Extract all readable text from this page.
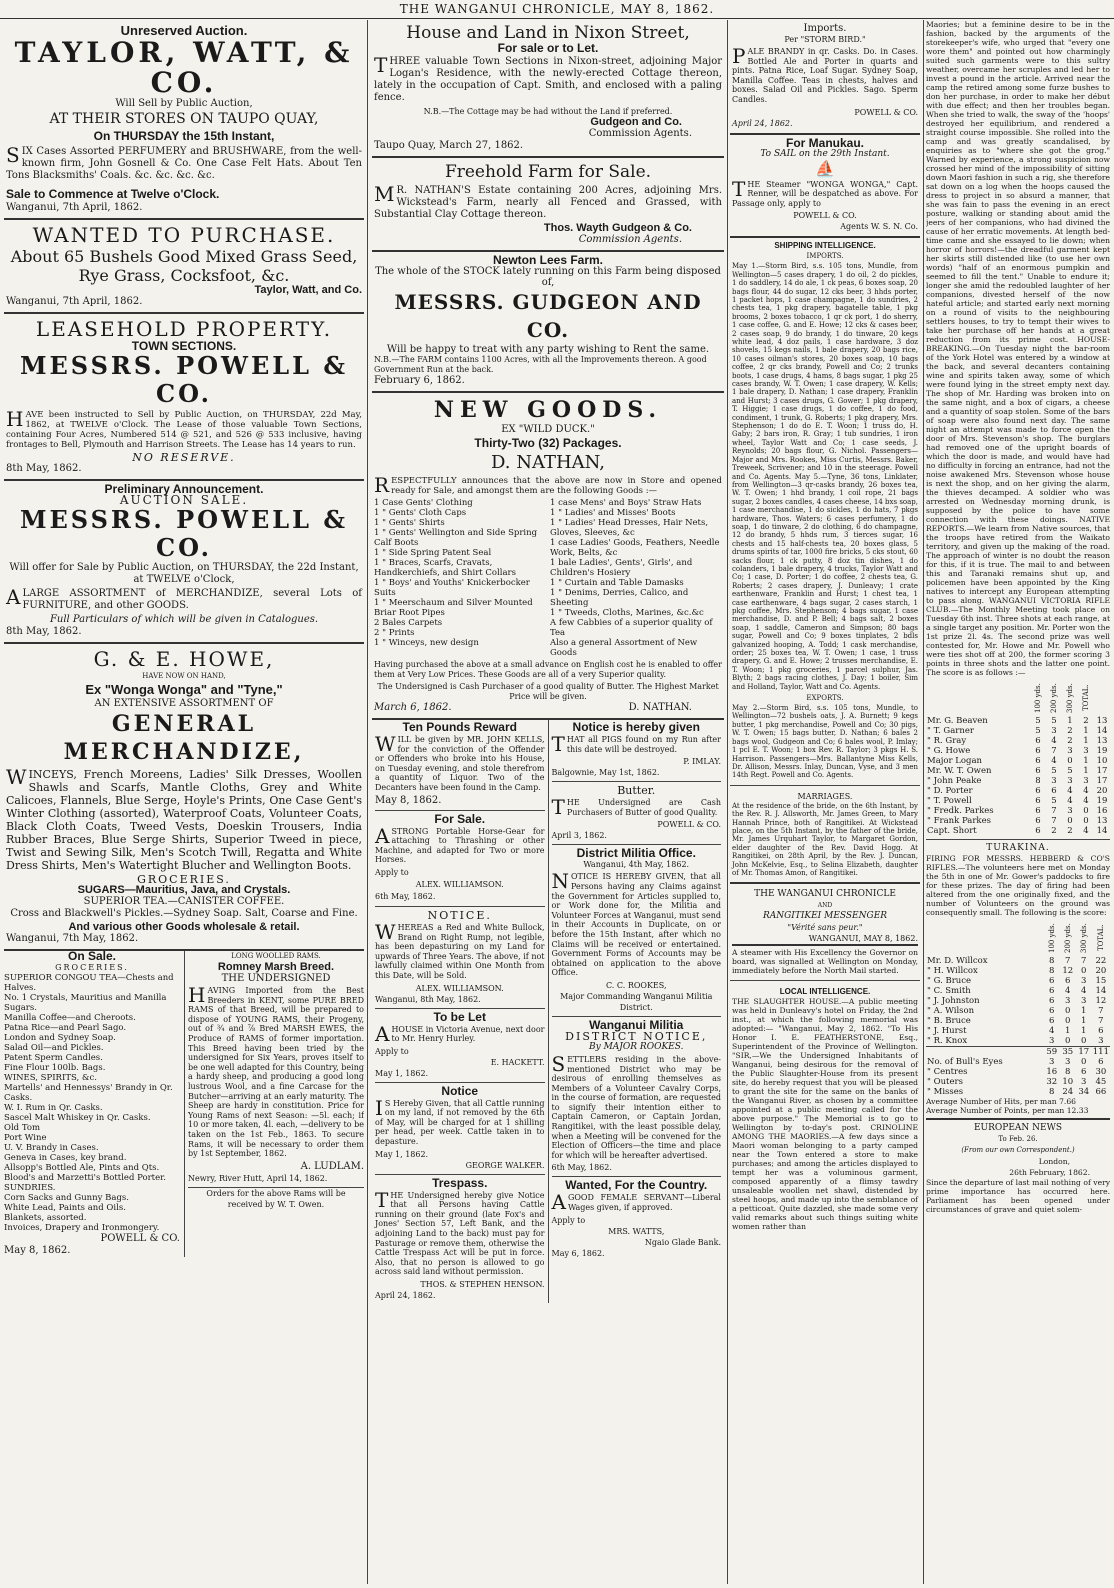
THE WANGANUI CHRONICLE, MAY 8, 1862.
Unreserved Auction.
TAYLOR, WATT, & CO.
Will Sell by Public Auction,
AT THEIR STORES ON TAUPO QUAY,
On THURSDAY the 15th Instant,

SIX Cases Assorted PERFUMERY and BRUSHWARE, from the well-known firm, John Gosnell & Co. One Case Felt Hats. About Ten Tons Blacksmiths' Coals. &c. &c. &c. &c.

Sale to Commence at Twelve o'Clock.
Wanganui, 7th April, 1862.
WANTED TO PURCHASE.
About 65 Bushels Good Mixed Grass Seed, Rye Grass, Cocksfoot, &c.
Taylor, Watt, and Co.
Wanganui, 7th April, 1862.
LEASEHOLD PROPERTY.
TOWN SECTIONS.
MESSRS. POWELL & CO.

HAVE been instructed to Sell by Public Auction, on THURSDAY, 22d May, 1862, at TWELVE o'Clock. The Lease of those valuable Town Sections, containing Four Acres, Numbered 514 @ 521, and 526 @ 533 inclusive, having frontages to Bell, Plymouth and Harrison Streets. The Lease has 14 years to run.

NO RESERVE.
8th May, 1862.
Preliminary Announcement.
AUCTION SALE.
MESSRS. POWELL & CO.
Will offer for Sale by Public Auction, on THURSDAY, the 22d Instant, at TWELVE o'Clock,

ALARGE ASSORTMENT of MERCHANDIZE, several Lots of FURNITURE, and other GOODS.

Full Particulars of which will be given in Catalogues.
8th May, 1862.
G. & E. HOWE,
HAVE NOW ON HAND,
Ex "Wonga Wonga" and "Tyne,"
AN EXTENSIVE ASSORTMENT OF
GENERAL MERCHANDIZE,

WINCEYS, French Moreens, Ladies' Silk Dresses, Woollen Shawls and Scarfs, Mantle Cloths, Grey and White Calicoes, Flannels, Blue Serge, Hoyle's Prints, One Case Gent's Winter Clothing (assorted), Waterproof Coats, Volunteer Coats, Black Cloth Coats, Tweed Vests, Doeskin Trousers, India Rubber Braces, Blue Serge Shirts, Superior Tweed in piece, Twist and Sewing Silk, Men's Scotch Twill, Regatta and White Dress Shirts, Men's Watertight Blucher and Wellington Boots.

GROCERIES.
SUGARS—Mauritius, Java, and Crystals.
SUPERIOR TEA.—CANISTER COFFEE.
Cross and Blackwell's Pickles.—Sydney Soap. Salt, Coarse and Fine.
And various other Goods wholesale & retail.
Wanganui, 7th May, 1862.
On Sale.
GROCERIES.
SUPERIOR CONGOU TEA—Chests and Halves.
No. 1 Crystals, Mauritius and Manilla Sugars.
Manilla Coffee—and Cheroots.
Patna Rice—and Pearl Sago.
London and Sydney Soap.
Salad Oil—and Pickles.
Patent Sperm Candles.
Fine Flour 100lb. Bags.
WINES, SPIRITS, &c.
Martells' and Hennessys' Brandy in Qr. Casks.
W. I. Rum in Qr. Casks.
Sascel Malt Whiskey in Qr. Casks.
Old Tom
Port Wine
U. V. Brandy in Cases.
Geneva in Cases, key brand.
Allsopp's Bottled Ale, Pints and Qts.
Blood's and Marzetti's Bottled Porter.
SUNDRIES.
Corn Sacks and Gunny Bags.
White Lead, Paints and Oils.
Blankets, assorted.
Invoices, Drapery and Ironmongery.
POWELL & CO.
May 8, 1862.
LONG WOOLLED RAMS.
Romney Marsh Breed.
THE UNDERSIGNED

HAVING Imported from the Best Breeders in KENT, some PURE BRED RAMS of that Breed, will be prepared to dispose of YOUNG RAMS, their Progeny, out of ¾ and ⅞ Bred MARSH EWES, the Produce of RAMS of former importation. This Breed having been tried by the undersigned for Six Years, proves itself to be one well adapted for this Country, being a hardy sheep, and producing a good long lustrous Wool, and a fine Carcase for the Butcher—arriving at an early maturity. The Sheep are hardy in constitution. Price for Young Rams of next Season: —5l. each; if 10 or more taken, 4l. each, —delivery to be taken on the 1st Feb., 1863. To secure Rams, it will be necessary to order them by 1st September, 1862.

A. LUDLAM.
Newry, River Hutt, April 14, 1862.
Orders for the above Rams will be received by W. T. Owen.
House and Land in Nixon Street,
For sale or to Let.

THREE valuable Town Sections in Nixon-street, adjoining Major Logan's Residence, with the newly-erected Cottage thereon, lately in the occupation of Capt. Smith, and enclosed with a paling fence.

N.B.—The Cottage may be had without the Land if preferred.
Gudgeon and Co.
Commission Agents.
Taupo Quay, March 27, 1862.
Freehold Farm for Sale.

MR. NATHAN'S Estate containing 200 Acres, adjoining Mrs. Wickstead's Farm, nearly all Fenced and Grassed, with Substantial Clay Cottage thereon.

Thos. Wayth Gudgeon & Co.
Commission Agents.
Newton Lees Farm.
The whole of the STOCK lately running on this Farm being disposed of,
MESSRS. GUDGEON AND CO.
Will be happy to treat with any party wishing to Rent the same.
N.B.—The FARM contains 1100 Acres, with all the Improvements thereon. A good Government Run at the back.
February 6, 1862.
NEW GOODS.
EX "WILD DUCK."
Thirty-Two (32) Packages.
D. NATHAN,

RESPECTFULLY announces that the above are now in Store and opened ready for Sale, and amongst them are the following Goods :—

1 Case Gents' Clothing
1 " Gents' Cloth Caps
1 " Gents' Shirts
1 " Gents' Wellington and Side Spring Calf Boots
1 " Side Spring Patent Seal
1 " Braces, Scarfs, Cravats, Handkerchiefs, and Shirt Collars
1 " Boys' and Youths' Knickerbocker Suits
1 " Meerschaum and Silver Mounted Briar Root Pipes
2 Bales Carpets
2 " Prints
1 " Winceys, new design
1 case Mens' and Boys' Straw Hats
1 " Ladies' and Misses' Boots
1 " Ladies' Head Dresses, Hair Nets, Gloves, Sleeves, &c
1 case Ladies' Goods, Feathers, Needle Work, Belts, &c
1 bale Ladies', Gents', Girls', and Children's Hosiery
1 " Curtain and Table Damasks
1 " Denims, Derries, Calico, and Sheeting
1 " Tweeds, Cloths, Marines, &c.&c
A few Cabbies of a superior quality of Tea
Also a general Assortment of New Goods

Having purchased the above at a small advance on English cost he is enabled to offer them at Very Low Prices. These Goods are all of a very Superior quality.

The Undersigned is Cash Purchaser of a good quality of Butter. The Highest Market Price will be given.
March 6, 1862.	D. NATHAN.
Ten Pounds Reward

WILL be given by MR. JOHN KELLS, for the conviction of the Offender or Offenders who broke into his House, on Tuesday evening, and stole therefrom a quantity of Liquor. Two of the Decanters have been found in the Camp.

May 8, 1862.
For Sale.

ASTRONG Portable Horse-Gear for attaching to Thrashing or other Machine, and adapted for Two or more Horses.

Apply to
ALEX. WILLIAMSON.
6th May, 1862.
NOTICE.

WHEREAS a Red and White Bullock, Brand on Right Rump, not legible, has been depasturing on my Land for upwards of Three Years. The above, if not lawfully claimed within One Month from this Date, will be Sold.

ALEX. WILLIAMSON.
Wanganui, 8th May, 1862.
To be Let

AHOUSE in Victoria Avenue, next door to Mr. Henry Hurley.

Apply to
E. HACKETT.
May 1, 1862.
Notice

IS Hereby Given, that all Cattle running on my land, if not removed by the 6th of May, will be charged for at 1 shilling per head, per week. Cattle taken in to depasture.

May 1, 1862.
GEORGE WALKER.
Trespass.

THE Undersigned hereby give Notice that all Persons having Cattle running on their ground (late Fox's and Jones' Section 57, Left Bank, and the adjoining Land to the back) must pay for Pasturage or remove them, otherwise the Cattle Trespass Act will be put in force. Also, that no person is allowed to go across said land without permission.

THOS. & STEPHEN HENSON.
April 24, 1862.
Notice is hereby given

THAT all PIGS found on my Run after this date will be destroyed.

P. IMLAY.
Balgownie, May 1st, 1862.
Butter.

THE Undersigned are Cash Purchasers of Butter of good Quality.

POWELL & CO.
April 3, 1862.
District Militia Office.
Wanganui, 4th May, 1862.

NOTICE IS HEREBY GIVEN, that all Persons having any Claims against the Government for Articles supplied to, or Work done for, the Militia and Volunteer Forces at Wanganui, must send in their Accounts in Duplicate, on or before the 15th Instant, after which no Claims will be received or entertained. Government Forms of Accounts may be obtained on application to the above Office.

C. C. ROOKES,
Major Commanding Wanganui Militia District.
Wanganui Militia
DISTRICT NOTICE,
By MAJOR ROOKES.

SETTLERS residing in the above-mentioned District who may be desirous of enrolling themselves as Members of a Volunteer Cavalry Corps, in the course of formation, are requested to signify their intention either to Captain Cameron, or Captain Jordan, Rangitikei, with the least possible delay, when a Meeting will be convened for the Election of Officers—the time and place for which will be hereafter advertised.

6th May, 1862.
Wanted, For the Country.

AGOOD FEMALE SERVANT—Liberal Wages given, if approved.

Apply to
MRS. WATTS,
Ngaio Glade Bank.
May 6, 1862.
Imports.
Per "STORM BIRD."

PALE BRANDY in qr. Casks. Do. in Cases. Bottled Ale and Porter in quarts and pints. Patna Rice, Loaf Sugar. Sydney Soap, Manilla Coffee. Teas in chests, halves and boxes. Salad Oil and Pickles. Sago. Sperm Candles.

POWELL & CO.
April 24, 1862.
For Manukau.
To SAIL on the 29th Instant.
⛵

THE Steamer "WONGA WONGA," Capt. Renner, will be despatched as above. For Passage only, apply to

POWELL & CO.
Agents W. S. N. Co.
SHIPPING INTELLIGENCE.
IMPORTS.
May 1.—Storm Bird, s.s. 105 tons, Mundle, from Wellington—5 cases drapery, 1 do oil, 2 do pickles, 1 do saddlery, 14 do ale, 1 ck peas, 6 boxes soap, 20 bags flour, 44 do sugar, 12 cks beer, 3 hhds porter, 1 packet hops, 1 case champagne, 1 do sundries, 2 chests tea, 1 pkg drapery, bagatelle table, 1 pkg brooms, 2 boxes tobacco, 1 qr ck port, 1 do sherry, 1 case coffee, G. and E. Howe; 12 cks & cases beer, 2 cases soap, 9 do brandy, 1 do tinware, 20 kegs white lead, 4 doz pails, 1 case hardware, 3 doz shovels, 15 kegs nails, 1 bale drapery, 20 bags rice, 10 cases oilman's stores, 20 boxes soap, 10 bags coffee, 2 qr cks brandy, Powell and Co; 2 trunks boots, 1 case drugs, 4 hams, 8 bags sugar, 1 pkg 25 cases brandy, W. T. Owen; 1 case drapery, W. Kells; 1 bale drapery, D. Nathan; 1 case drapery, Franklin and Hurst; 3 cases drugs, G. Gower; 1 pkg drapery, T. Higgie; 1 case drugs, 1 do coffee, 1 do food, condiment, 1 trunk, G. Roberts; 1 pkg drapery, Mrs. Stephenson; 1 do do E. T. Woon; 1 truss do, H. Gaby; 2 bars iron, R. Gray; 1 tub sundries, 1 iron wheel, Taylor Watt and Co; 1 case seeds, J. Reynolds; 20 bags flour, G. Nichol. Passengers—Major and Mrs. Rookes, Miss Curtis, Messrs. Baker, Treweek, Scrivener; and 10 in the steerage. Powell and Co. Agents. May 5.—Tyne, 36 tons, Linklater, from Wellington—3 qr-casks brandy, 26 boxes tea, W. T. Owen; 1 hhd brandy, 1 coil rope, 21 bags sugar, 2 boxes candles, 4 cases cheese, 14 bxs soap, 1 case merchandise, 1 do sickles, 1 do hats, 7 pkgs hardware, Thos. Waters; 6 cases perfumery, 1 do soap, 1 do tinware, 2 do clothing, 6 do champagne, 12 do brandy, 5 hhds rum, 3 tierces sugar, 16 chests and 15 half-chests tea, 20 boxes glass, 5 drums spirits of tar, 1000 fire bricks, 5 cks stout, 60 sacks flour, 1 ck putty, 8 doz tin dishes, 1 do colanders, 1 bale drapery, 4 trucks, Taylor Watt and Co; 1 case, D. Porter; 1 do coffee, 2 chests tea, G. Roberts; 2 cases drapery, J. Dunleavy; 1 crate earthenware, Franklin and Hurst; 1 chest tea, 1 case earthenware, 4 bags sugar, 2 cases starch, 1 pkg coffee, Mrs. Stephenson; 4 bags sugar, 1 case merchandise, D. and P. Bell; 4 bags salt, 2 boxes soap, 1 saddle, Cameron and Simpson; 80 bags sugar, Powell and Co; 9 boxes tinplates, 2 bdls galvanized hooping, A. Todd; 1 cask merchandise, order; 25 boxes tea, W. T. Owen; 1 case, 1 truss drapery, G. and E. Howe; 2 trusses merchandise, E. T. Woon; 1 pkg groceries, 1 parcel sulphur, Jas. Blyth; 2 bags racing clothes, J. Day; 1 boiler, Sim and Holland, Taylor, Watt and Co. Agents.
EXPORTS.
May 2.—Storm Bird, s.s. 105 tons, Mundle, to Wellington—72 bushels oats, J. A. Burnett; 9 kegs butter, 1 pkg merchandise, Powell and Co; 30 pigs, W. T. Owen; 15 bags butter, D. Nathan; 6 bales 2 bags wool, Gudgeon and Co; 6 bales wool, P. Imlay; 1 pcl E. T. Woon; 1 box Rev. R. Taylor; 3 pkgs H. S. Harrison. Passengers—Mrs. Ballantyne Miss Kells, Dr. Allison, Messrs. Inlay, Duncan, Vyse, and 3 men 14th Regt. Powell and Co. Agents.
MARRIAGES.
At the residence of the bride, on the 6th Instant, by the Rev. R. J. Allsworth, Mr. James Green, to Mary Hannah Prince, both of Rangitikei. At Wickstead place, on the 5th Instant, by the father of the bride, Mr. James Urquhart Taylor, to Margaret Gordon, elder daughter of the Rev. David Hogg. At Rangitikei, on 28th April, by the Rev. J. Duncan, John McKelvie, Esq., to Selina Elizabeth, daughter of Mr. Thomas Amon, of Rangitikei.
THE WANGANUI CHRONICLE
AND
RANGITIKEI MESSENGER
"Vérité sans peur."
WANGANUI, MAY 8, 1862.
A steamer with His Excellency the Governor on board, was signalled at Wellington on Monday, immediately before the North Mail started.
LOCAL INTELLIGENCE.
THE SLAUGHTER HOUSE.—A public meeting was held in Dunleavy's hotel on Friday, the 2nd inst., at which the following memorial was adopted:— "Wanganui, May 2, 1862. "To His Honor I. E. FEATHERSTONE, Esq., Superintendent of the Province of Wellington. "SIR,—We the Undersigned Inhabitants of Wanganui, being desirous for the removal of the Public Slaughter-House from its present site, do hereby request that you will be pleased to grant the site for the same on the banks of the Wanganui River, as chosen by a committee appointed at a public meeting called for the above purpose." The Memorial is to go to Wellington by to-day's post. CRINOLINE AMONG THE MAORIES.—A few days since a Maori woman belonging to a party camped near the Town entered a store to make purchases; and among the articles displayed to tempt her was a voluminous garment, composed apparently of a flimsy tawdry unsaleable woollen net shawl, distended by steel hoops, and made up into the semblance of a petticoat. Quite dazzled, she made some very valid remarks about such things suiting white women rather than
Maories; but a feminine desire to be in the fashion, backed by the arguments of the storekeeper's wife, who urged that "every one wore them" and pointed out how charmingly suited such garments were to this sultry weather, overcame her scruples and led her to invest a pound in the article. Arrived near the camp the retired among some furze bushes to don her purchase, in order to make her début with due effect; and then her troubles began. When she tried to walk, the sway of the 'hoops' destroyed her equilibrium, and rendered a straight course impossible. She rolled into the camp and was greatly scandalised, by enquiries as to "where she got the grog." Warned by experience, a strong suspicion now crossed her mind of the impossibility of sitting down Maori fashion in such a rig, she therefore sat down on a log when the hoops caused the dress to project in so absurd a manner, that she was fain to pass the evening in an erect posture, walking or standing about amid the jeers of her companions, who had divined the cause of her erratic movements. At length bed-time came and she essayed to lie down; when horror of horrors!—the dreadful garment kept her skirts still distended like (to use her own words) "half of an enormous pumpkin and seemed to fill the tent." Unable to endure it; longer she amid the redoubled laughter of her companions, divested herself of the now hateful article; and started early next morning on a round of visits to the neighbouring settlers houses, to try to tempt their wives to take her purchase off her hands at a great reduction from its prime cost. HOUSE-BREAKING.—On Tuesday night the bar-room of the York Hotel was entered by a window at the back, and several decanters containing wine and spirits taken away, some of which were found lying in the street empty next day. The shop of Mr. Harding was broken into on the same night, and a box of cigars, a cheese and a quantity of soap stolen. Some of the bars of soap were also found next day. The same night an attempt was made to force open the door of Mrs. Stevenson's shop. The burglars had removed one of the upright boards of which the door is made, and would have had no difficulty in forcing an entrance, had not the noise awakened Mrs. Stevenson whose house is next the shop, and on her giving the alarm, the thieves decamped. A soldier who was arrested on Wednesday morning drunk, is supposed by the police to have some connection with these doings. NATIVE REPORTS.—We learn from Native sources, that the troops have retired from the Waikato territory, and given up the making of the road. The approach of winter is no doubt the reason for this, if it is true. The mail to and between this and Taranaki remains shut up, and policemen have been appointed by the King natives to intercept any European attempting to pass along. WANGANUI VICTORIA RIFLE CLUB.—The Monthly Meeting took place on Tuesday 6th inst. Three shots at each range, at a single target any position. Mr. Porter won the 1st prize 2l. 4s. The second prize was well contested for, Mr. Howe and Mr. Powell who were ties shot off at 200, the former scoring 3 points in three shots and the latter one point. The score is as follows :—
	100 yds.	200 yds.	300 yds.	TOTAL.	
Mr. G. Beaven	5	5	1	2	13
" T. Garner	5	3	2	1	14
" R. Gray	6	4	2	1	13
" G. Howe	6	7	3	3	19
Major Logan	6	4	0	1	10
Mr. W. T. Owen	6	5	5	1	17
" John Peake	8	3	3	3	17
" D. Porter	6	6	4	4	20
" T. Powell	6	5	4	4	19
" Fredk. Parkes	6	7	3	0	16
" Frank Parkes	6	7	0	0	13
Capt. Short	6	2	2	4	14
TURAKINA.
FIRING FOR MESSRS. HEBBERD & CO'S RIFLES.—The volunteers here met on Monday the 5th in one of Mr. Gower's paddocks to fire for these prizes. The day of firing had been altered from the one originally fixed, and the number of Volunteers on the ground was consequently small. The following is the score:
	100 yds.	200 yds.	300 yds.	TOTAL.
Mr. D. Willcox	8	7	7	22
" H. Willcox	8	12	0	20
" G. Bruce	6	6	3	15
" C. Smith	6	4	4	14
" J. Johnston	6	3	3	12
" A. Wilson	6	0	1	7
" B. Bruce	6	0	1	7
" J. Hurst	4	1	1	6
" R. Knox	3	0	0	3
	59	35	17	111
No. of Bull's Eyes	3	3	0	6
" Centres	16	8	6	30
" Outers	32	10	3	45
" Misses	8	24	34	66
Average Number of Hits, per man 7.66
Average Number of Points, per man 12.33
EUROPEAN NEWS
To Feb. 26.
(From our own Correspondent.)
London,
26th February, 1862.
Since the departure of last mail nothing of very prime importance has occurred here. Parliament has been opened under circumstances of grave and quiet solem-
